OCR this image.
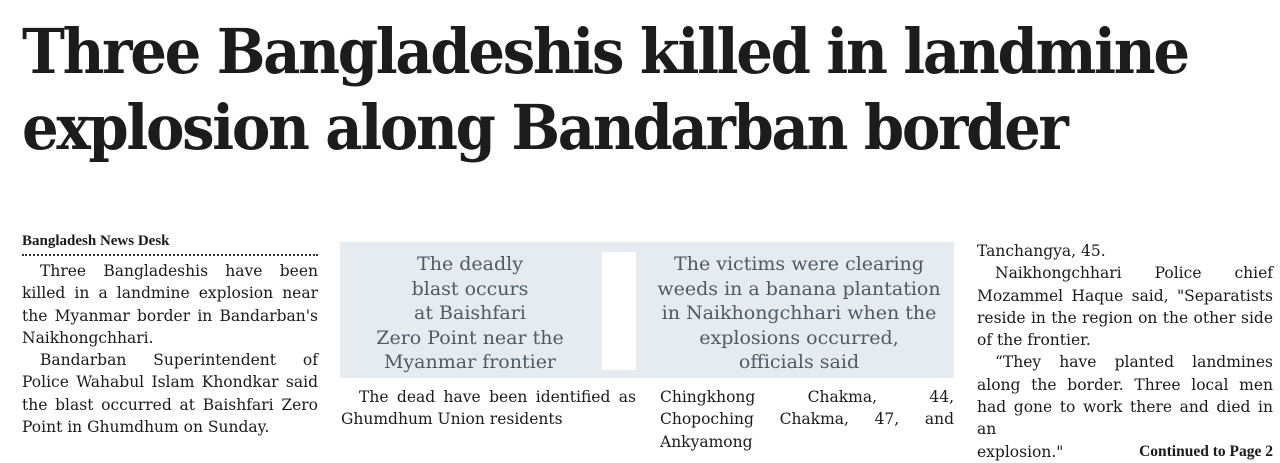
Three Bangladeshis killed in landmine
explosion along Bandarban border
Bangladesh News Desk

Three Bangladeshis have been killed in a landmine explosion near the Myanmar border in Bandarban's Naikhongchhari.

Bandarban Superintendent of Police Wahabul Islam Khondkar said the blast occurred at Baishfari Zero Point in Ghumdhum on Sunday.

The deadly
blast occurs
at Baishfari
Zero Point near the
Myanmar frontier
The victims were clearing
weeds in a banana plantation
in Naikhongchhari when the
explosions occurred,
officials said

The dead have been identified as Ghumdhum Union residents

Chingkhong Chakma, 44, Chopoching Chakma, 47, and Ankyamong

Tanchangya, 45.

Naikhongchhari Police chief Mozammel Haque said, "Separatists reside in the region on the other side of the frontier.

“They have planted landmines along the border. Three local men had gone to work there and died in an

explosion."	Continued to Page 2
